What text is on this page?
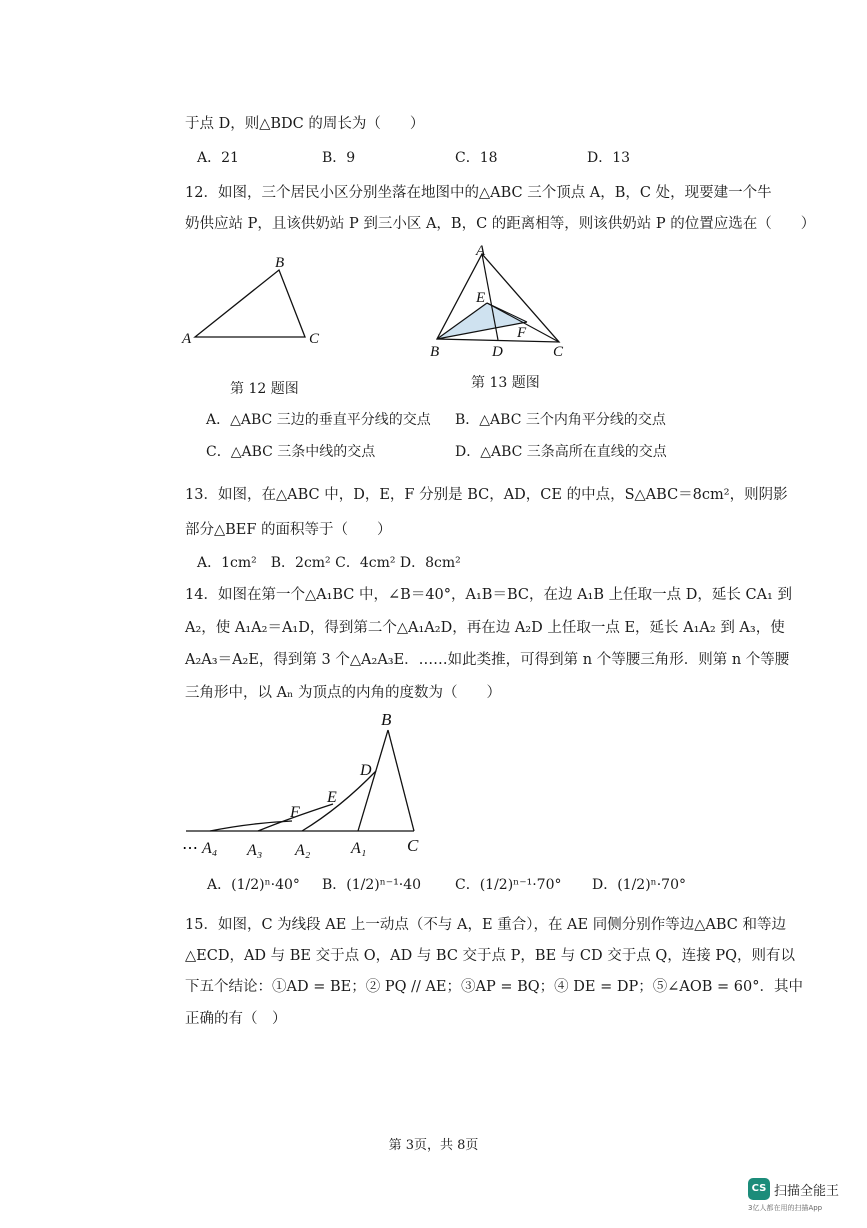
于点 D，则△BDC 的周长为（　　）
A．21	B．9	C．18	D．13
12．如图，三个居民小区分别坐落在地图中的△ABC 三个顶点 A，B，C 处，现要建一个牛
奶供应站 P，且该供奶站 P 到三小区 A，B，C 的距离相等，则该供奶站 P 的位置应选在（　　）
A
B
C
A
B	C
D
E
F
第 12 题图	第 13 题图
A．△ABC 三边的垂直平分线的交点 B．△ABC 三个内角平分线的交点
C．△ABC 三条中线的交点	D．△ABC 三条高所在直线的交点
13．如图，在△ABC 中，D，E，F 分别是 BC，AD，CE 的中点，S△ABC＝8cm²，则阴影
部分△BEF 的面积等于（　　）
A．1cm²　B．2cm² C．4cm² D．8cm²
14．如图在第一个△A₁BC 中，∠B＝40°，A₁B＝BC，在边 A₁B 上任取一点 D，延长 CA₁ 到
A₂，使 A₁A₂＝A₁D，得到第二个△A₁A₂D，再在边 A₂D 上任取一点 E，延长 A₁A₂ 到 A₃，使
A₂A₃＝A₂E，得到第 3 个△A₂A₃E．……如此类推，可得到第 n 个等腰三角形．则第 n 个等腰
三角形中，以 Aₙ 为顶点的内角的度数为（　　）
B
C
D
E
F
A₁
A₂
A₃
A₄
…
A．(1/2)ⁿ·40° B．(1/2)ⁿ⁻¹·40 C．(1/2)ⁿ⁻¹·70° D．(1/2)ⁿ·70°
15．如图，C 为线段 AE 上一动点（不与 A，E 重合），在 AE 同侧分别作等边△ABC 和等边
△ECD，AD 与 BE 交于点 O，AD 与 BC 交于点 P，BE 与 CD 交于点 Q，连接 PQ，则有以
下五个结论：①AD = BE；② PQ // AE；③AP = BQ；④ DE = DP；⑤∠AOB = 60°．其中
正确的有（　）
第 3页，共 8页
CS 扫描全能王
3亿人都在用的扫描App
